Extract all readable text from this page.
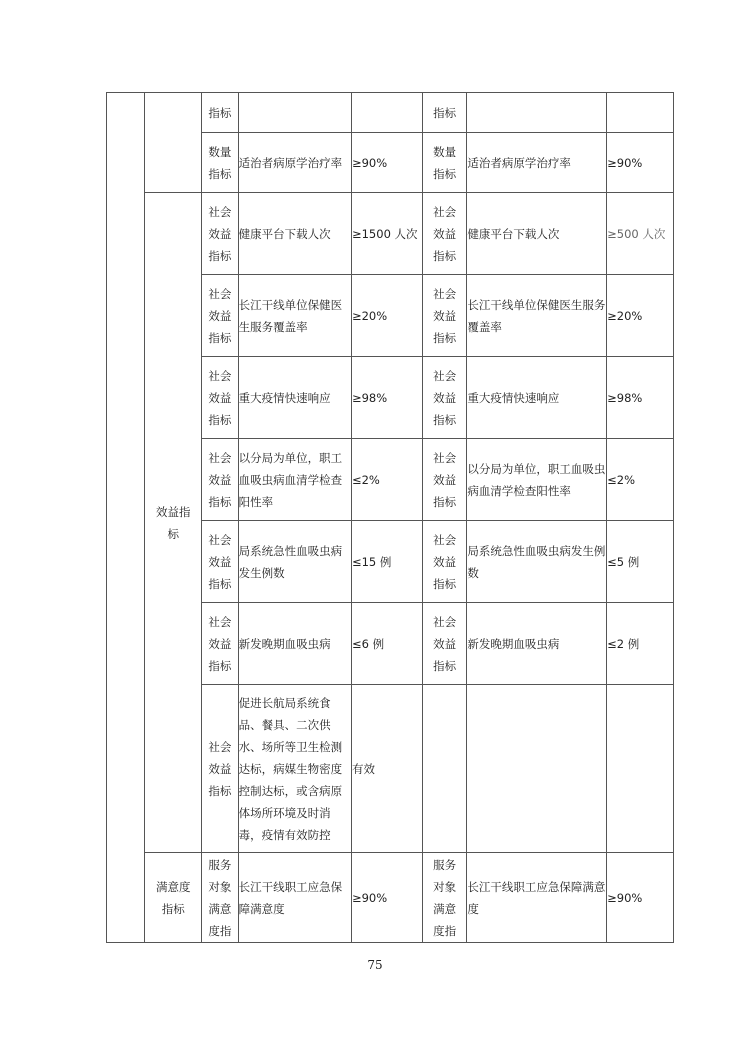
		指标			指标		
		数量指标	适治者病原学治疗率	≥90%	数量指标	适治者病原学治疗率	≥90%
	效益指标	社会效益指标	健康平台下载人次	≥1500 人次	社会效益指标	健康平台下载人次	≥500 人次
		社会效益指标	长江干线单位保健医生服务覆盖率	≥20%	社会效益指标	长江干线单位保健医生服务覆盖率	≥20%
		社会效益指标	重大疫情快速响应	≥98%	社会效益指标	重大疫情快速响应	≥98%
		社会效益指标	以分局为单位，职工血吸虫病血清学检查阳性率	≤2%	社会效益指标	以分局为单位，职工血吸虫病血清学检查阳性率	≤2%
		社会效益指标	局系统急性血吸虫病发生例数	≤15 例	社会效益指标	局系统急性血吸虫病发生例数	≤5 例
		社会效益指标	新发晚期血吸虫病	≤6 例	社会效益指标	新发晚期血吸虫病	≤2 例
		社会效益指标	促进长航局系统食品、餐具、二次供水、场所等卫生检测达标，病媒生物密度控制达标，或含病原体场所环境及时消毒，疫情有效防控	有效			
	满意度指标	服务对象满意度指	长江干线职工应急保障满意度	≥90%	服务对象满意度指	长江干线职工应急保障满意度	≥90%
75
